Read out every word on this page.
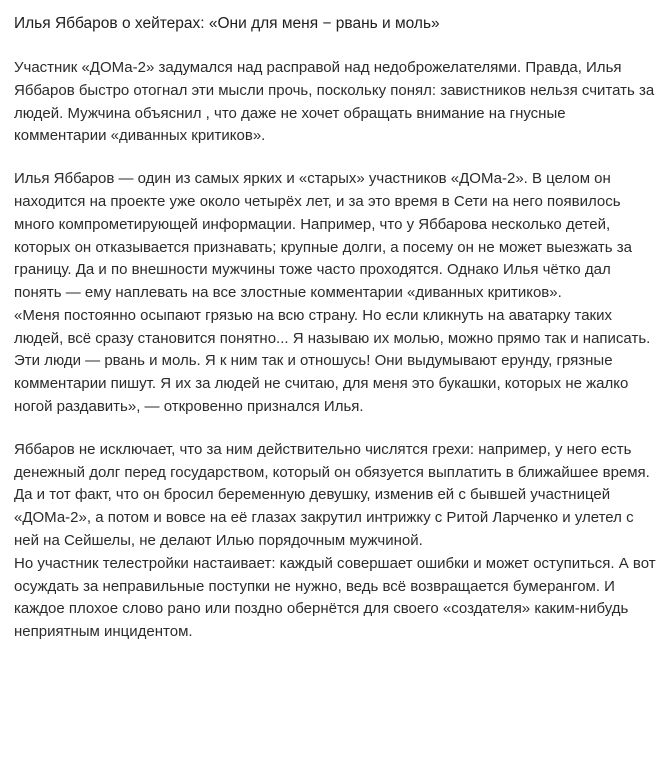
Илья Яббаров о хейтерах: «Они для меня − рвань и моль»

Участник «ДОМа-2» задумался над расправой над недоброжелателями. Правда, Илья Яббаров быстро отогнал эти мысли прочь, поскольку понял: завистников нельзя считать за людей. Мужчина объяснил , что даже не хочет обращать внимание на гнусные комментарии «диванных критиков».

Илья Яббаров — один из самых ярких и «старых» участников «ДОМа-2». В целом он находится на проекте уже около четырёх лет, и за это время в Сети на него появилось много компрометирующей информации. Например, что у Яббарова несколько детей, которых он отказывается признавать; крупные долги, а посему он не может выезжать за границу. Да и по внешности мужчины тоже часто проходятся. Однако Илья чётко дал понять — ему наплевать на все злостные комментарии «диванных критиков».

«Меня постоянно осыпают грязью на всю страну. Но если кликнуть на аватарку таких людей, всё сразу становится понятно... Я называю их молью, можно прямо так и написать. Эти люди — рвань и моль. Я к ним так и отношусь! Они выдумывают ерунду, грязные комментарии пишут. Я их за людей не считаю, для меня это букашки, которых не жалко ногой раздавить», — откровенно признался Илья.

Яббаров не исключает, что за ним действительно числятся грехи: например, у него есть денежный долг перед государством, который он обязуется выплатить в ближайшее время. Да и тот факт, что он бросил беременную девушку, изменив ей с бывшей участницей «ДОМа-2», а потом и вовсе на её глазах закрутил интрижку с Ритой Ларченко и улетел с ней на Сейшелы, не делают Илью порядочным мужчиной.

Но участник телестройки настаивает: каждый совершает ошибки и может оступиться. А вот осуждать за неправильные поступки не нужно, ведь всё возвращается бумерангом. И каждое плохое слово рано или поздно обернётся для своего «создателя» каким-нибудь неприятным инцидентом.
